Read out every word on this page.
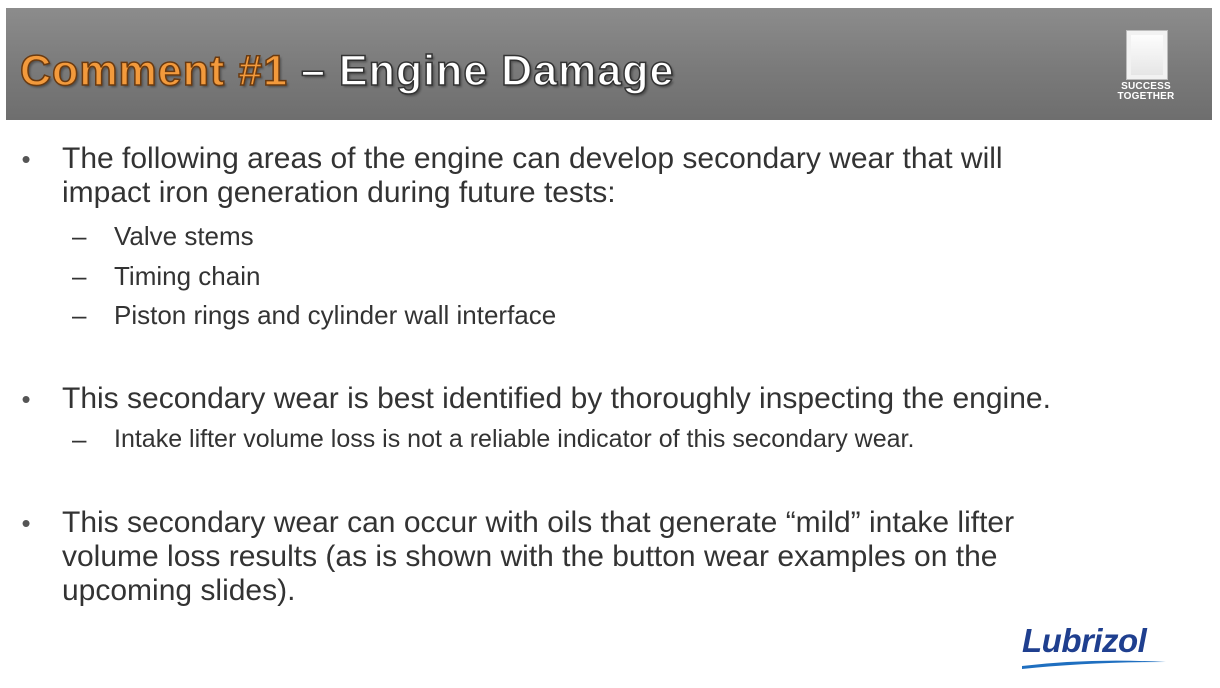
Comment #1 – Engine Damage	SUCCESS
TOGETHER
• The following areas of the engine can develop secondary wear that will
impact iron generation during future tests:
– Valve stems
– Timing chain
– Piston rings and cylinder wall interface
• This secondary wear is best identified by thoroughly inspecting the engine.
–	Intake lifter volume loss is not a reliable indicator of this secondary wear.
• This secondary wear can occur with oils that generate “mild” intake lifter
volume loss results (as is shown with the button wear examples on the
upcoming slides).
Lubrizol
